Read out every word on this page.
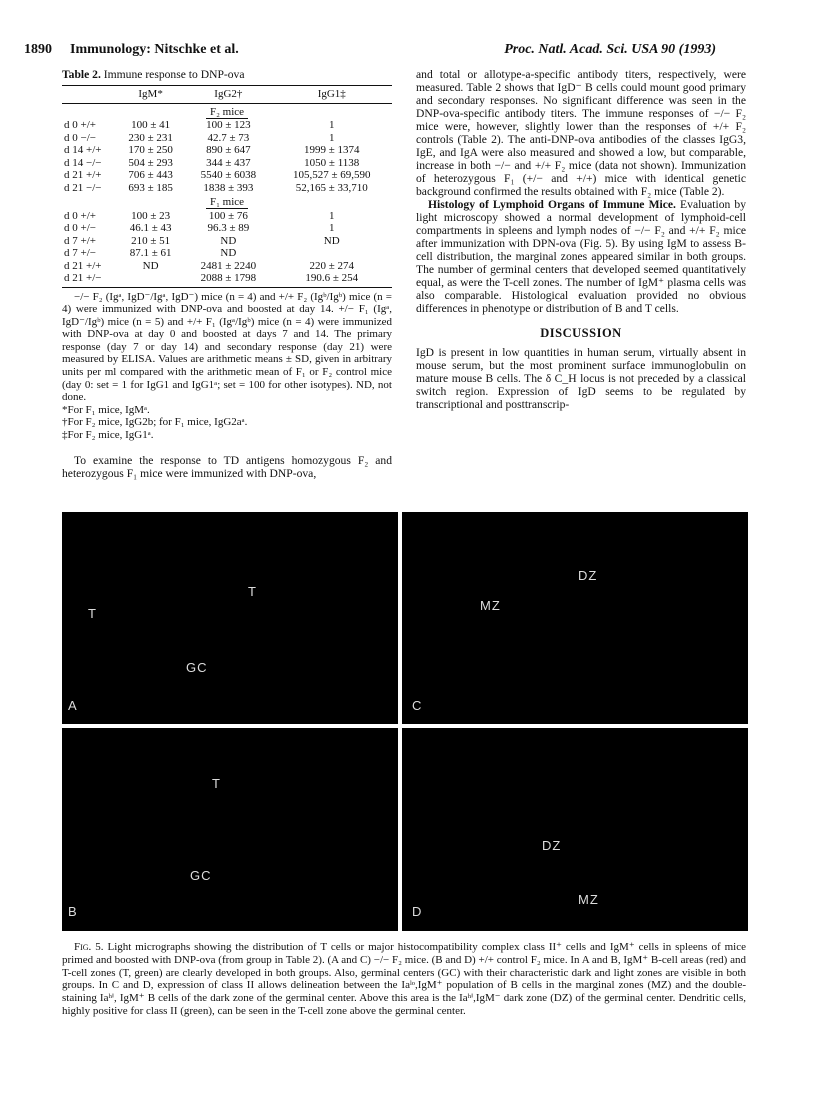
1890 Immunology: Nitschke et al.	Proc. Natl. Acad. Sci. USA 90 (1993)
Table 2. Immune response to DNP-ova
	IgM*	IgG2†	IgG1‡
F₂ mice			
d 0 +/+	100 ± 41	100 ± 123	1
d 0 −/−	230 ± 231	42.7 ± 73	1
d 14 +/+	170 ± 250	890 ± 647	1999 ± 1374
d 14 −/−	504 ± 293	344 ± 437	1050 ± 1138
d 21 +/+	706 ± 443	5540 ± 6038	105,527 ± 69,590
d 21 −/−	693 ± 185	1838 ± 393	52,165 ± 33,710
F₁ mice			
d 0 +/+	100 ± 23	100 ± 76	1
d 0 +/−	46.1 ± 43	96.3 ± 89	1
d 7 +/+	210 ± 51	ND	ND
d 7 +/−	87.1 ± 61	ND	
d 21 +/+	ND	2481 ± 2240	220 ± 274
d 21 +/−		2088 ± 1798	190.6 ± 254

−/− F₂ (Igᵃ, IgD⁻/Igᵃ, IgD⁻) mice (n = 4) and +/+ F₂ (Igᵇ/Igᵇ) mice (n = 4) were immunized with DNP-ova and boosted at day 14. +/− F₁ (Igᵃ, IgD⁻/Igᵇ) mice (n = 5) and +/+ F₁ (Igᵃ/Igᵇ) mice (n = 4) were immunized with DNP-ova at day 0 and boosted at days 7 and 14. The primary response (day 7 or day 14) and secondary response (day 21) were measured by ELISA. Values are arithmetic means ± SD, given in arbitrary units per ml compared with the arithmetic mean of F₁ or F₂ control mice (day 0: set = 1 for IgG1 and IgG1ᵃ; set = 100 for other isotypes). ND, not done.

*For F₁ mice, IgMᵃ.

†For F₂ mice, IgG2b; for F₁ mice, IgG2aᵃ.

‡For F₂ mice, IgG1ᵃ.

To examine the response to TD antigens homozygous F₂ and heterozygous F₁ mice were immunized with DNP-ova,

and total or allotype-a-specific antibody titers, respectively, were measured. Table 2 shows that IgD⁻ B cells could mount good primary and secondary responses. No significant difference was seen in the DNP-ova-specific antibody titers. The immune responses of −/− F₂ mice were, however, slightly lower than the responses of +/+ F₂ controls (Table 2). The anti-DNP-ova antibodies of the classes IgG3, IgE, and IgA were also measured and showed a low, but comparable, increase in both −/− and +/+ F₂ mice (data not shown). Immunization of heterozygous F₁ (+/− and +/+) mice with identical genetic background confirmed the results obtained with F₂ mice (Table 2).

Histology of Lymphoid Organs of Immune Mice. Evaluation by light microscopy showed a normal development of lymphoid-cell compartments in spleens and lymph nodes of −/− F₂ and +/+ F₂ mice after immunization with DPN-ova (Fig. 5). By using IgM to assess B-cell distribution, the marginal zones appeared similar in both groups. The number of germinal centers that developed seemed quantitatively equal, as were the T-cell zones. The number of IgM⁺ plasma cells was also comparable. Histological evaluation provided no obvious differences in phenotype or distribution of B and T cells.

DISCUSSION

IgD is present in low quantities in human serum, virtually absent in mouse serum, but the most prominent surface immunoglobulin on mature mouse B cells. The δ C_H locus is not preceded by a classical switch region. Expression of IgD seems to be regulated by transcriptional and posttranscrip-

T
T
GC
A
DZ
MZ
C
T
GC
B
DZ
MZ
D

Fig. 5. Light micrographs showing the distribution of T cells or major histocompatibility complex class II⁺ cells and IgM⁺ cells in spleens of mice primed and boosted with DNP-ova (from group in Table 2). (A and C) −/− F₂ mice. (B and D) +/+ control F₂ mice. In A and B, IgM⁺ B-cell areas (red) and T-cell zones (T, green) are clearly developed in both groups. Also, germinal centers (GC) with their characteristic dark and light zones are visible in both groups. In C and D, expression of class II allows delineation between the Iaˡᵒ,IgM⁺ population of B cells in the marginal zones (MZ) and the double-staining Iaʰⁱ, IgM⁺ B cells of the dark zone of the germinal center. Above this area is the Iaʰⁱ,IgM⁻ dark zone (DZ) of the germinal center. Dendritic cells, highly positive for class II (green), can be seen in the T-cell zone above the germinal center.
